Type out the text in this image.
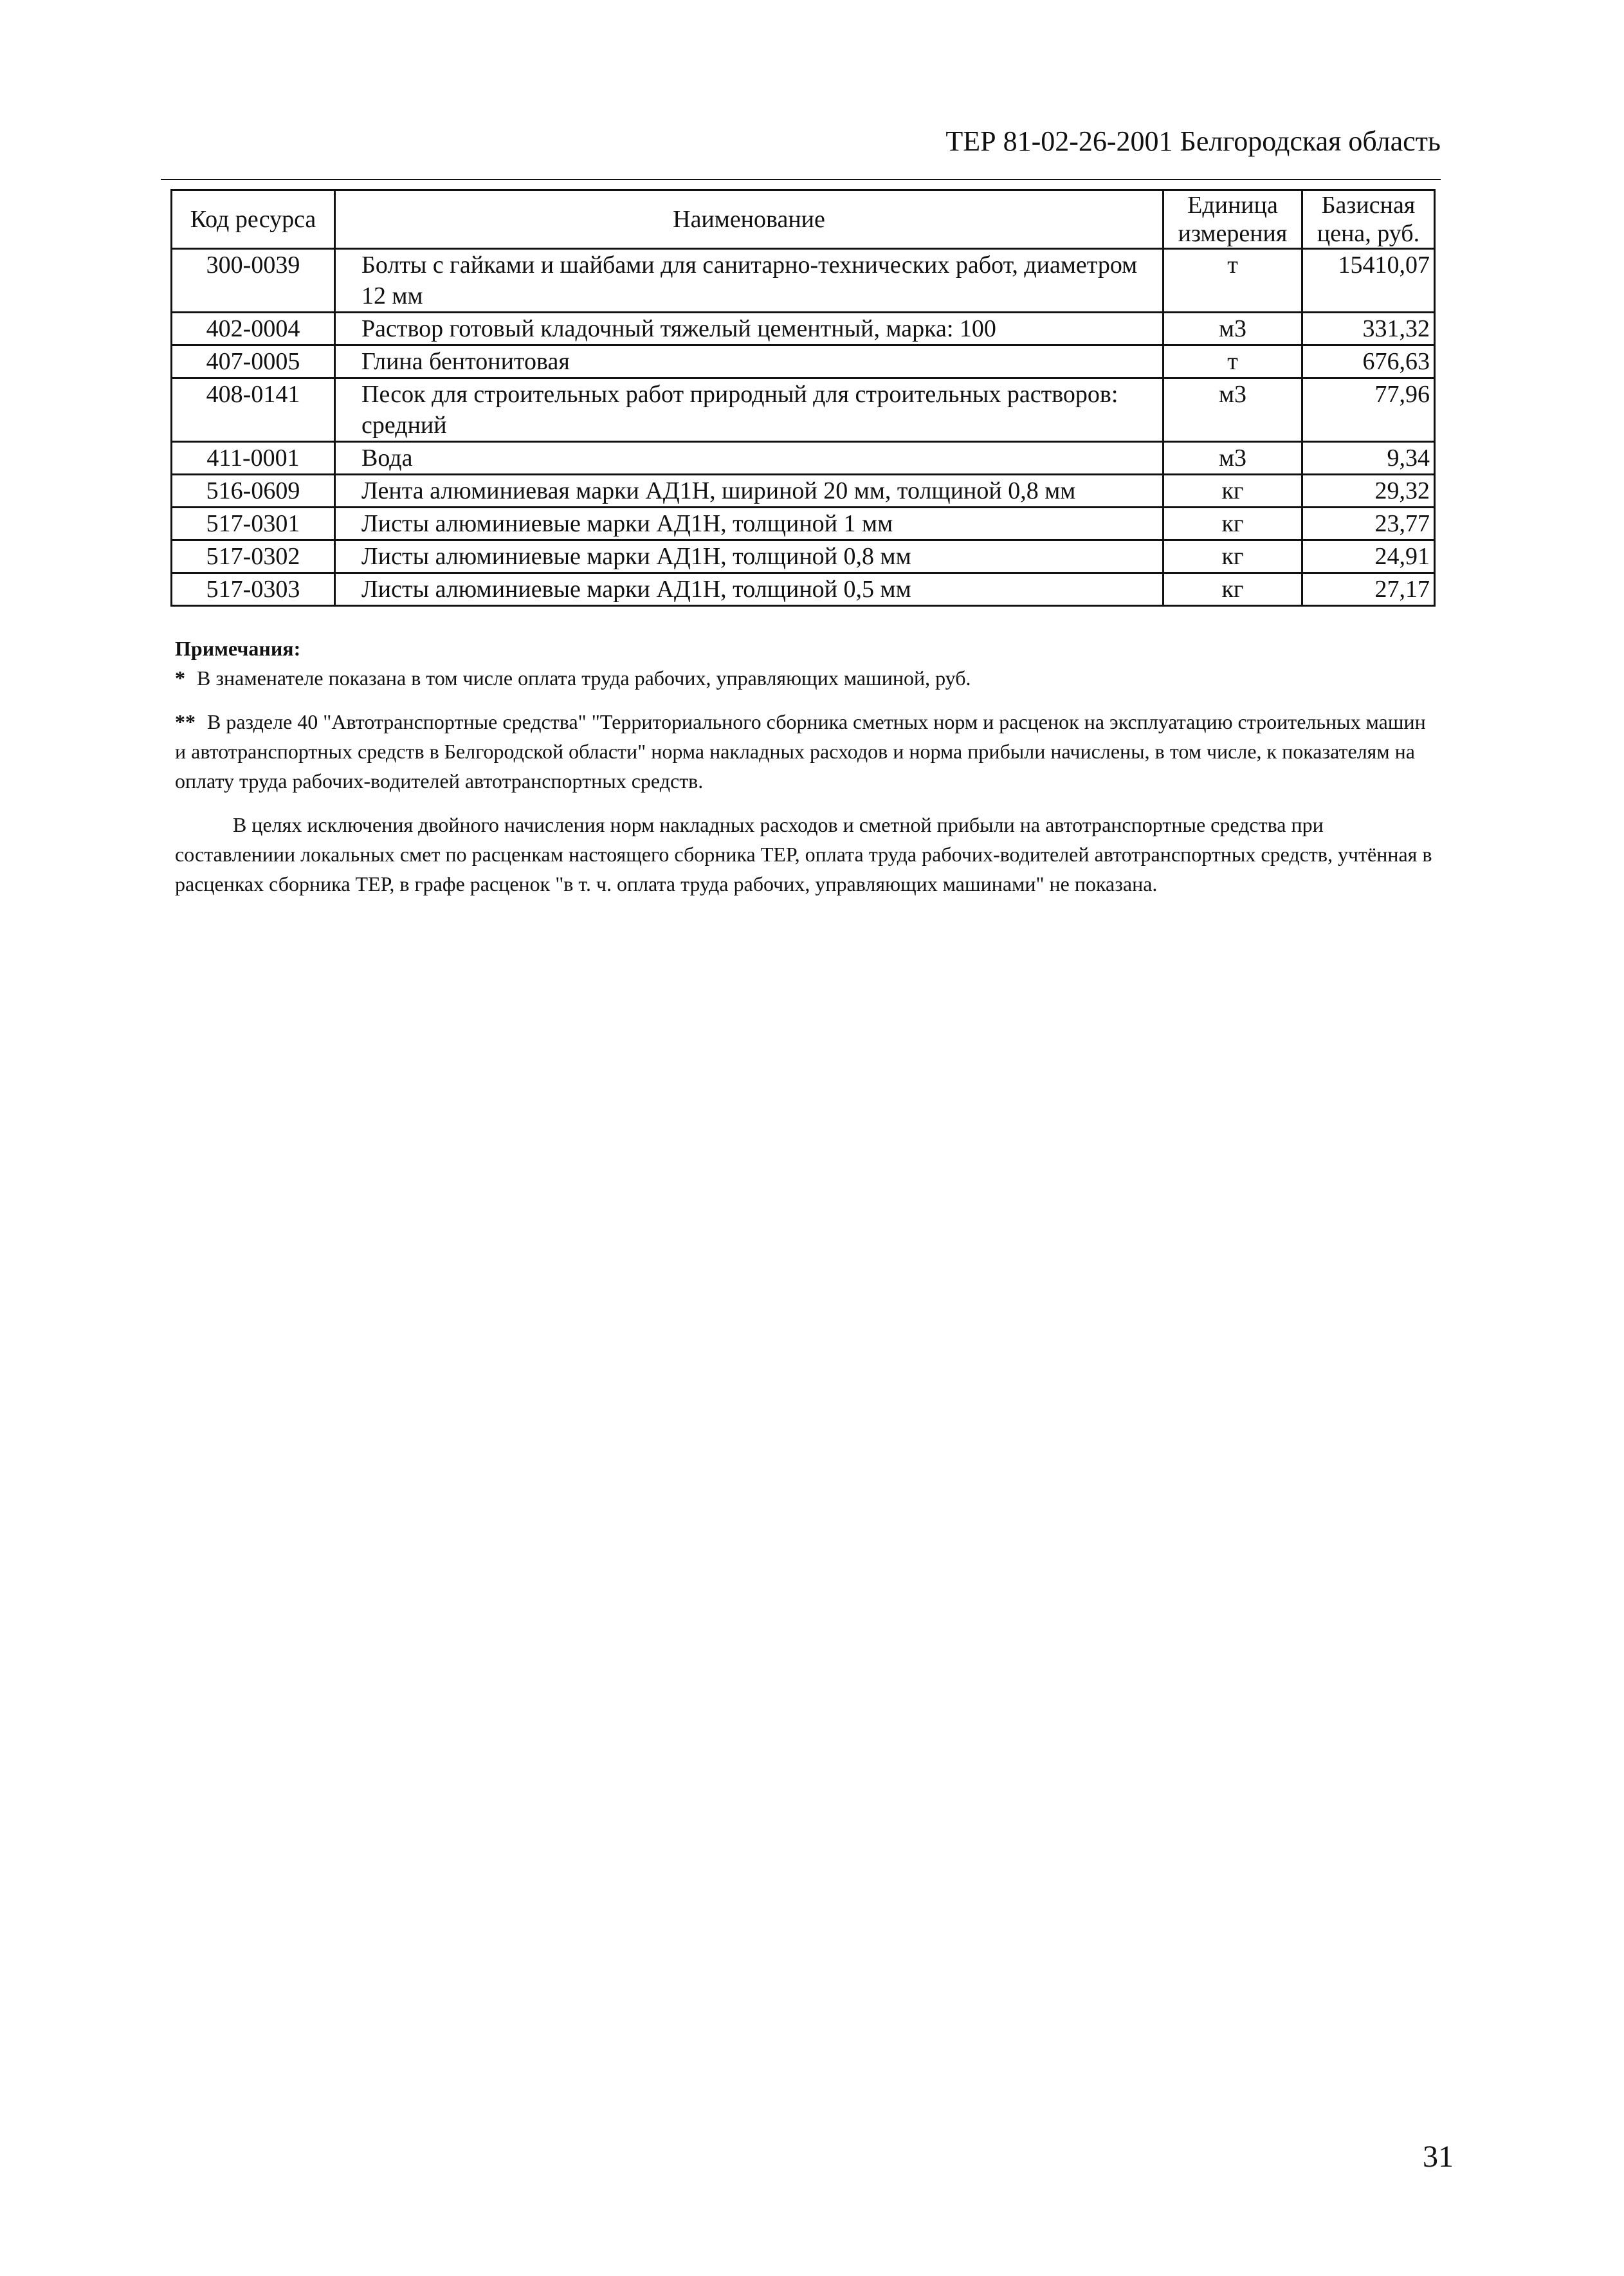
ТЕР 81-02-26-2001 Белгородская область
Код ресурса	Наименование	Единица измерения	Базисная цена, руб.
300-0039	Болты с гайками и шайбами для санитарно-технических работ, диаметром 12 мм	т	15410,07
402-0004	Раствор готовый кладочный тяжелый цементный, марка: 100	м3	331,32
407-0005	Глина бентонитовая	т	676,63
408-0141	Песок для строительных работ природный для строительных растворов: средний	м3	77,96
411-0001	Вода	м3	9,34
516-0609	Лента алюминиевая марки АД1Н, шириной 20 мм, толщиной 0,8 мм	кг	29,32
517-0301	Листы алюминиевые марки АД1Н, толщиной 1 мм	кг	23,77
517-0302	Листы алюминиевые марки АД1Н, толщиной 0,8 мм	кг	24,91
517-0303	Листы алюминиевые марки АД1Н, толщиной 0,5 мм	кг	27,17
Примечания:

* В знаменателе показана в том числе оплата труда рабочих, управляющих машиной, руб.

** В разделе 40 "Автотранспортные средства" "Территориального сборника сметных норм и расценок на эксплуатацию строительных машин и автотранспортных средств в Белгородской области" норма накладных расходов и норма прибыли начислены, в том числе, к показателям на оплату труда рабочих-водителей автотранспортных средств.

В целях исключения двойного начисления норм накладных расходов и сметной прибыли на автотранспортные средства при составлениии локальных смет по расценкам настоящего сборника ТЕР, оплата труда рабочих-водителей автотранспортных средств, учтённая в расценках сборника ТЕР, в графе расценок "в т. ч. оплата труда рабочих, управляющих машинами" не показана.

31
